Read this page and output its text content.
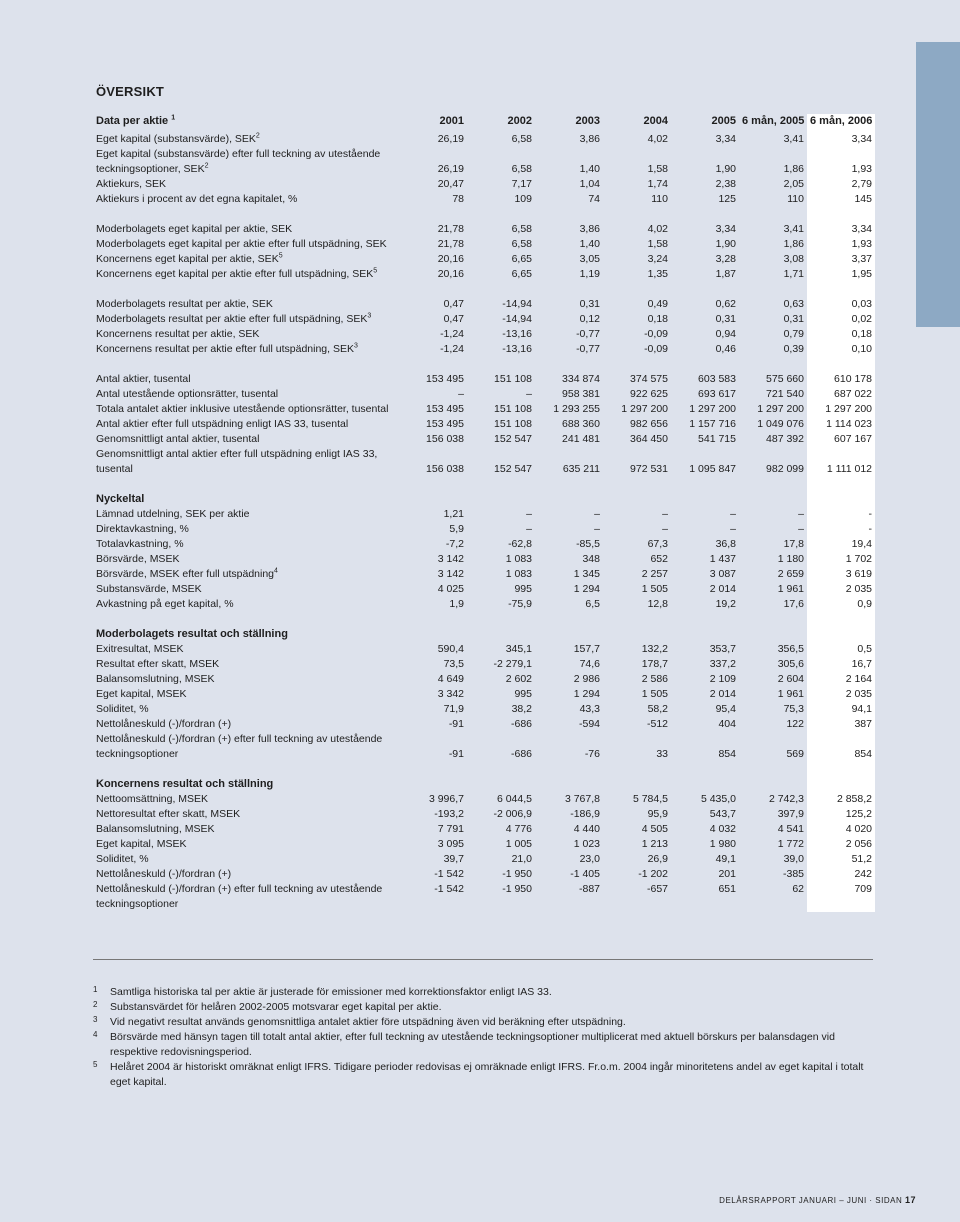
ÖVERSIKT
Data per aktie $^1$	2001	2002	2003	2004	2005	6 mån, 2005	6 mån, 2006
Eget kapital (substansvärde), SEK$^2$	26,19	6,58	3,86	4,02	3,34	3,41	3,34
Eget kapital (substansvärde) efter full teckning av utestående teckningsoptioner, SEK$^2$	26,19	6,58	1,40	1,58	1,90	1,86	1,93
Aktiekurs, SEK	20,47	7,17	1,04	1,74	2,38	2,05	2,79
Aktiekurs i procent av det egna kapitalet, %	78	109	74	110	125	110	145

Moderbolagets eget kapital per aktie, SEK	21,78	6,58	3,86	4,02	3,34	3,41	3,34
Moderbolagets eget kapital per aktie efter full utspädning, SEK	21,78	6,58	1,40	1,58	1,90	1,86	1,93
Koncernens eget kapital per aktie, SEK$^5$	20,16	6,65	3,05	3,24	3,28	3,08	3,37
Koncernens eget kapital per aktie efter full utspädning, SEK$^5$	20,16	6,65	1,19	1,35	1,87	1,71	1,95

Moderbolagets resultat per aktie, SEK	0,47	-14,94	0,31	0,49	0,62	0,63	0,03
Moderbolagets resultat per aktie efter full utspädning, SEK$^3$	0,47	-14,94	0,12	0,18	0,31	0,31	0,02
Koncernens resultat per aktie, SEK	-1,24	-13,16	-0,77	-0,09	0,94	0,79	0,18
Koncernens resultat per aktie efter full utspädning, SEK$^3$	-1,24	-13,16	-0,77	-0,09	0,46	0,39	0,10

Antal aktier, tusental	153 495	151 108	334 874	374 575	603 583	575 660	610 178
Antal utestående optionsrätter, tusental	–	–	958 381	922 625	693 617	721 540	687 022
Totala antalet aktier inklusive utestående optionsrätter, tusental	153 495	151 108	1 293 255	1 297 200	1 297 200	1 297 200	1 297 200
Antal aktier efter full utspädning enligt IAS 33, tusental	153 495	151 108	688 360	982 656	1 157 716	1 049 076	1 114 023
Genomsnittligt antal aktier, tusental	156 038	152 547	241 481	364 450	541 715	487 392	607 167
Genomsnittligt antal aktier efter full utspädning enligt IAS 33, tusental	156 038	152 547	635 211	972 531	1 095 847	982 099	1 111 012

Nyckeltal							
Lämnad utdelning, SEK per aktie	1,21	–	–	–	–	–	-
Direktavkastning, %	5,9	–	–	–	–	–	-
Totalavkastning, %	-7,2	-62,8	-85,5	67,3	36,8	17,8	19,4
Börsvärde, MSEK	3 142	1 083	348	652	1 437	1 180	1 702
Börsvärde, MSEK efter full utspädning$^4$	3 142	1 083	1 345	2 257	3 087	2 659	3 619
Substansvärde, MSEK	4 025	995	1 294	1 505	2 014	1 961	2 035
Avkastning på eget kapital, %	1,9	-75,9	6,5	12,8	19,2	17,6	0,9

Moderbolagets resultat och ställning							
Exitresultat, MSEK	590,4	345,1	157,7	132,2	353,7	356,5	0,5
Resultat efter skatt, MSEK	73,5	-2 279,1	74,6	178,7	337,2	305,6	16,7
Balansomslutning, MSEK	4 649	2 602	2 986	2 586	2 109	2 604	2 164
Eget kapital, MSEK	3 342	995	1 294	1 505	2 014	1 961	2 035
Soliditet, %	71,9	38,2	43,3	58,2	95,4	75,3	94,1
Nettolåneskuld (-)/fordran (+)	-91	-686	-594	-512	404	122	387
Nettolåneskuld (-)/fordran (+) efter full teckning av utestående teckningsoptioner	-91	-686	-76	33	854	569	854

Koncernens resultat och ställning							
Nettoomsättning, MSEK	3 996,7	6 044,5	3 767,8	5 784,5	5 435,0	2 742,3	2 858,2
Nettoresultat efter skatt, MSEK	-193,2	-2 006,9	-186,9	95,9	543,7	397,9	125,2
Balansomslutning, MSEK	7 791	4 776	4 440	4 505	4 032	4 541	4 020
Eget kapital, MSEK	3 095	1 005	1 023	1 213	1 980	1 772	2 056
Soliditet, %	39,7	21,0	23,0	26,9	49,1	39,0	51,2
Nettolåneskuld (-)/fordran (+)	-1 542	-1 950	-1 405	-1 202	201	-385	242
Nettolåneskuld (-)/fordran (+) efter full teckning av utestående teckningsoptioner	-1 542	-1 950	-887	-657	651	62	709
1 Samtliga historiska tal per aktie är justerade för emissioner med korrektionsfaktor enligt IAS 33.
2 Substansvärdet för helåren 2002-2005 motsvarar eget kapital per aktie.
3 Vid negativt resultat används genomsnittliga antalet aktier före utspädning även vid beräkning efter utspädning.
4 Börsvärde med hänsyn tagen till totalt antal aktier, efter full teckning av utestående teckningsoptioner multiplicerat med aktuell börskurs per balansdagen vid respektive redovisningsperiod.
5 Helåret 2004 är historiskt omräknat enligt IFRS. Tidigare perioder redovisas ej omräknade enligt IFRS. Fr.o.m. 2004 ingår minoritetens andel av eget kapital i totalt eget kapital.
DELÅRSRAPPORT JANUARI – JUNI · SIDAN 17
